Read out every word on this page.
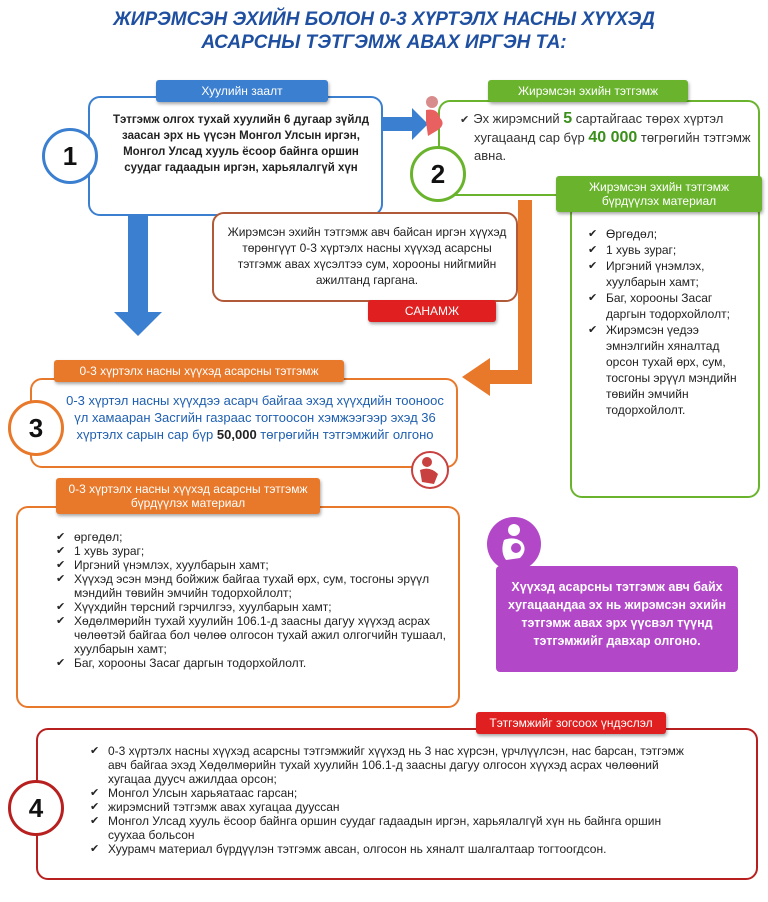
ЖИРЭМСЭН ЭХИЙН БОЛОН 0-3 ХҮРТЭЛХ НАСНЫ ХҮҮХЭД
АСАРСНЫ ТЭТГЭМЖ АВАХ ИРГЭН ТА:
Хуулийн заалт
Тэтгэмж олгох тухай хуулийн 6 дугаар зүйлд заасан эрх нь үүсэн Монгол Улсын иргэн, Монгол Улсад хууль ёсоор байнга оршин суудаг гадаадын иргэн, харьялалгүй хүн
1
Жирэмсэн эхийн тэтгэмж
✔ Эх жирэмсний 5 сартайгаас төрөх хүртэл хугацаанд сар бүр 40 000 төгрөгийн тэтгэмж авна.
2	Жирэмсэн эхийн тэтгэмж бүрдүүлэх материал
✔ Өргөдөл;
✔ 1 хувь зураг;
✔ Иргэний үнэмлэх, хуулбарын хамт;
✔ Баг, хорооны Засаг даргын тодорхойлолт;
✔ Жирэмсэн үедээ эмнэлгийн хяналтад орсон тухай өрх, сум, тосгоны эрүүл мэндийн төвийн эмчийн тодорхойлолт.
Жирэмсэн эхийн тэтгэмж авч байсан иргэн хүүхэд төрөнгүүт 0-3 хүртэлх насны хүүхэд асарсны тэтгэмж авах хүсэлтээ сум, хорооны нийгмийн ажилтанд гаргана.
САНАМЖ
0-3 хүртэлх насны хүүхэд асарсны тэтгэмж
0-3 хүртэл насны хүүхдээ асарч байгаа эхэд хүүхдийн тооноос үл хамааран Засгийн газраас тогтоосон хэмжээгээр эхэд 36 хүртэлх сарын сар бүр 50,000 төгрөгийн тэтгэмжийг олгоно
3
0-3 хүртэлх насны хүүхэд асарсны тэтгэмж бүрдүүлэх материал
✔ өргөдөл;
✔ 1 хувь зураг;
✔ Иргэний үнэмлэх, хуулбарын хамт;
✔ Хүүхэд эсэн мэнд бойжиж байгаа тухай өрх, сум, тосгоны эрүүл мэндийн төвийн эмчийн тодорхойлолт;
✔ Хүүхдийн төрсний гэрчилгээ, хуулбарын хамт;
✔ Хөдөлмөрийн тухай хуулийн 106.1-д заасны дагуу хүүхэд асрах чөлөөтэй байгаа бол чөлөө олгосон тухай ажил олгогчийн тушаал, хуулбарын хамт;
✔ Баг, хорооны Засаг даргын тодорхойлолт.
Хүүхэд асарсны тэтгэмж авч байх хугацаандаа эх нь жирэмсэн эхийн тэтгэмж авах эрх үүсвэл түүнд тэтгэмжийг давхар олгоно.
Тэтгэмжийг зогсоох үндэслэл
✔ 0-3 хүртэлх насны хүүхэд асарсны тэтгэмжийг хүүхэд нь 3 нас хүрсэн, үрчлүүлсэн, нас барсан, тэтгэмж авч байгаа эхэд Хөдөлмөрийн тухай хуулийн 106.1-д заасны дагуу олгосон хүүхэд асрах чөлөөний хугацаа дуусч ажилдаа орсон;
✔ Монгол Улсын харьяатаас гарсан;
✔ жирэмсний тэтгэмж авах хугацаа дууссан
✔ Монгол Улсад хууль ёсоор байнга оршин суудаг гадаадын иргэн, харьялалгүй хүн нь байнга оршин суухаа больсон
✔ Хуурамч материал бүрдүүлэн тэтгэмж авсан, олгосон нь хяналт шалгалтаар тогтоогдсон.
4
